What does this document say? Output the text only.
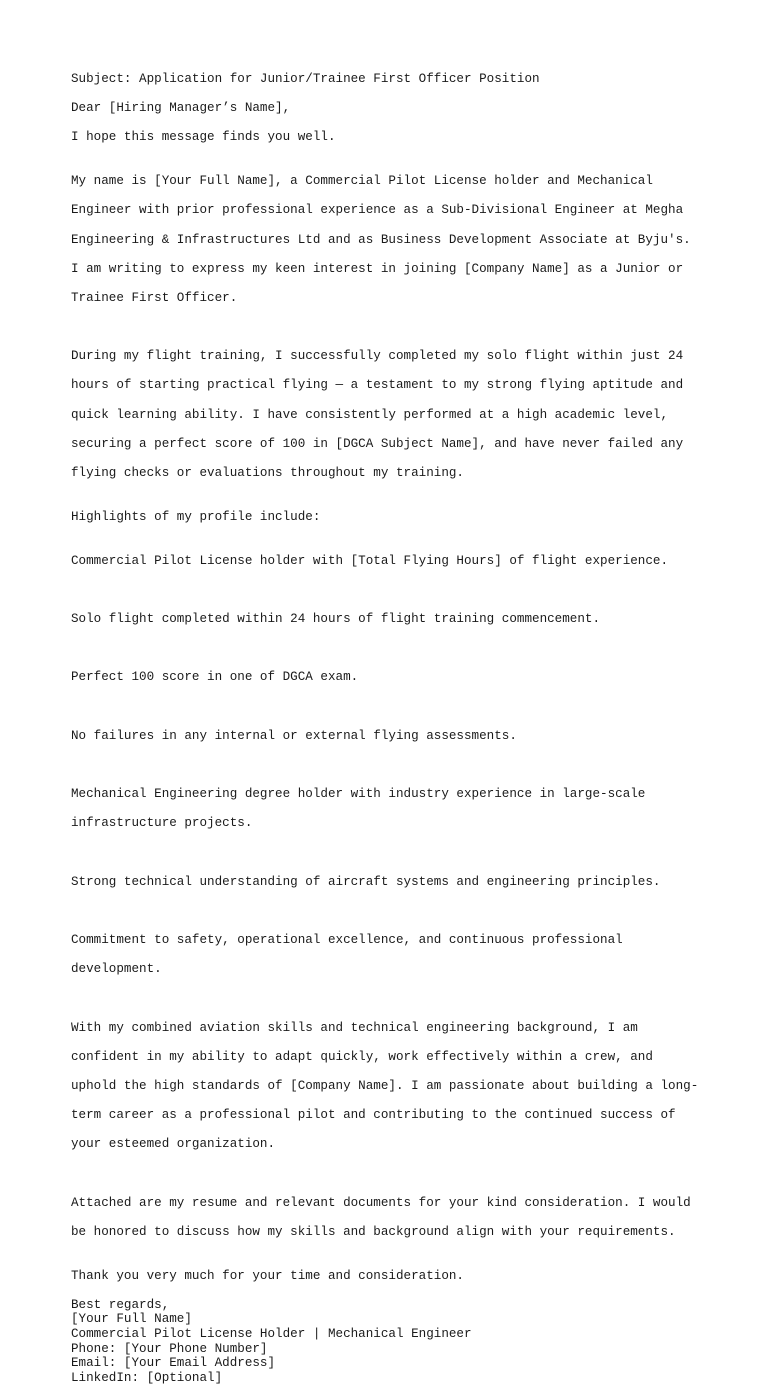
Subject: Application for Junior/Trainee First Officer Position

Dear [Hiring Manager’s Name],

I hope this message finds you well.

My name is [Your Full Name], a Commercial Pilot License holder and Mechanical

Engineer with prior professional experience as a Sub-Divisional Engineer at Megha

Engineering & Infrastructures Ltd and as Business Development Associate at Byju's.

I am writing to express my keen interest in joining [Company Name] as a Junior or

Trainee First Officer.

During my flight training, I successfully completed my solo flight within just 24

hours of starting practical flying — a testament to my strong flying aptitude and

quick learning ability. I have consistently performed at a high academic level,

securing a perfect score of 100 in [DGCA Subject Name], and have never failed any

flying checks or evaluations throughout my training.

Highlights of my profile include:

Commercial Pilot License holder with [Total Flying Hours] of flight experience.

Solo flight completed within 24 hours of flight training commencement.

Perfect 100 score in one of DGCA exam.

No failures in any internal or external flying assessments.

Mechanical Engineering degree holder with industry experience in large-scale

infrastructure projects.

Strong technical understanding of aircraft systems and engineering principles.

Commitment to safety, operational excellence, and continuous professional

development.

With my combined aviation skills and technical engineering background, I am

confident in my ability to adapt quickly, work effectively within a crew, and

uphold the high standards of [Company Name]. I am passionate about building a long-

term career as a professional pilot and contributing to the continued success of

your esteemed organization.

Attached are my resume and relevant documents for your kind consideration. I would

be honored to discuss how my skills and background align with your requirements.

Thank you very much for your time and consideration.

Best regards,
[Your Full Name]
Commercial Pilot License Holder | Mechanical Engineer
Phone: [Your Phone Number]
Email: [Your Email Address]
LinkedIn: [Optional]
